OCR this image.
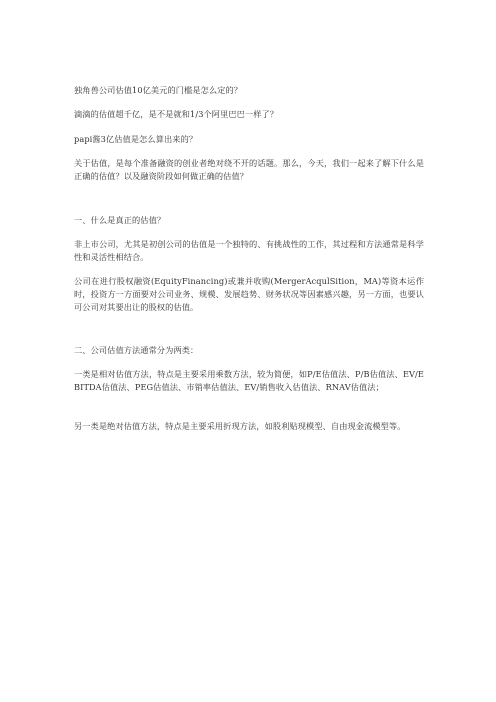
独角兽公司估值10亿美元的门槛是怎么定的？

滴滴的估值超千亿，是不是就和1/3个阿里巴巴一样了？

papi酱3亿估值是怎么算出来的？

关于估值，是每个准备融资的创业者绝对绕不开的话题。那么，今天，我们一起来了解下什么是正确的估值？以及融资阶段如何做正确的估值？

一、什么是真正的估值？

非上市公司，尤其是初创公司的估值是一个独特的、有挑战性的工作，其过程和方法通常是科学性和灵活性相结合。

公司在进行股权融资(EquityFinancing)或兼并收购(MergerAcqulSition，MA)等资本运作时，投资方一方面要对公司业务、规模、发展趋势、财务状况等因素感兴趣，另一方面，也要认可公司对其要出让的股权的估值。

二、公司估值方法通常分为两类：

一类是相对估值方法，特点是主要采用乘数方法，较为简便，如P/E估值法、P/B估值法、EV/EBITDA估值法、PEG估值法、市销率估值法、EV/销售收入估值法、RNAV估值法；

另一类是绝对估值方法，特点是主要采用折现方法，如股利贴现模型、自由现金流模型等。
